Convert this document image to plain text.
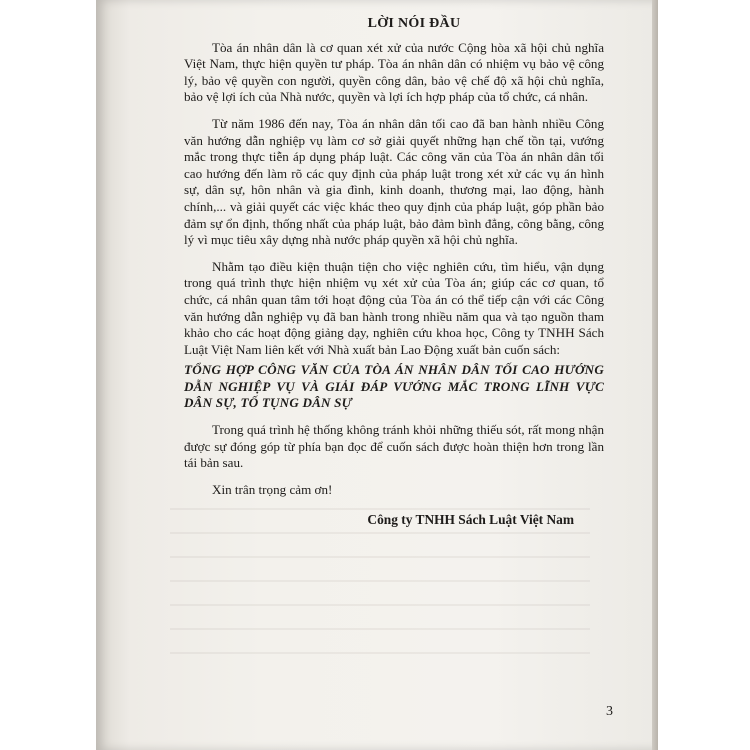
LỜI NÓI ĐẦU

Tòa án nhân dân là cơ quan xét xử của nước Cộng hòa xã hội chủ nghĩa Việt Nam, thực hiện quyền tư pháp. Tòa án nhân dân có nhiệm vụ bảo vệ công lý, bảo vệ quyền con người, quyền công dân, bảo vệ chế độ xã hội chủ nghĩa, bảo vệ lợi ích của Nhà nước, quyền và lợi ích hợp pháp của tổ chức, cá nhân.

Từ năm 1986 đến nay, Tòa án nhân dân tối cao đã ban hành nhiều Công văn hướng dẫn nghiệp vụ làm cơ sở giải quyết những hạn chế tồn tại, vướng mắc trong thực tiễn áp dụng pháp luật. Các công văn của Tòa án nhân dân tối cao hướng đến làm rõ các quy định của pháp luật trong xét xử các vụ án hình sự, dân sự, hôn nhân và gia đình, kinh doanh, thương mại, lao động, hành chính,... và giải quyết các việc khác theo quy định của pháp luật, góp phần bảo đảm sự ổn định, thống nhất của pháp luật, bảo đảm bình đẳng, công bằng, công lý vì mục tiêu xây dựng nhà nước pháp quyền xã hội chủ nghĩa.

Nhằm tạo điều kiện thuận tiện cho việc nghiên cứu, tìm hiểu, vận dụng trong quá trình thực hiện nhiệm vụ xét xử của Tòa án; giúp các cơ quan, tổ chức, cá nhân quan tâm tới hoạt động của Tòa án có thể tiếp cận với các Công văn hướng dẫn nghiệp vụ đã ban hành trong nhiều năm qua và tạo nguồn tham khảo cho các hoạt động giảng dạy, nghiên cứu khoa học, Công ty TNHH Sách Luật Việt Nam liên kết với Nhà xuất bản Lao Động xuất bản cuốn sách:

TỔNG HỢP CÔNG VĂN CỦA TÒA ÁN NHÂN DÂN TỐI CAO HƯỚNG DẪN NGHIỆP VỤ VÀ GIẢI ĐÁP VƯỚNG MẮC TRONG LĨNH VỰC DÂN SỰ, TỐ TỤNG DÂN SỰ

Trong quá trình hệ thống không tránh khỏi những thiếu sót, rất mong nhận được sự đóng góp từ phía bạn đọc để cuốn sách được hoàn thiện hơn trong lần tái bản sau.

Xin trân trọng cảm ơn!

Công ty TNHH Sách Luật Việt Nam
3
